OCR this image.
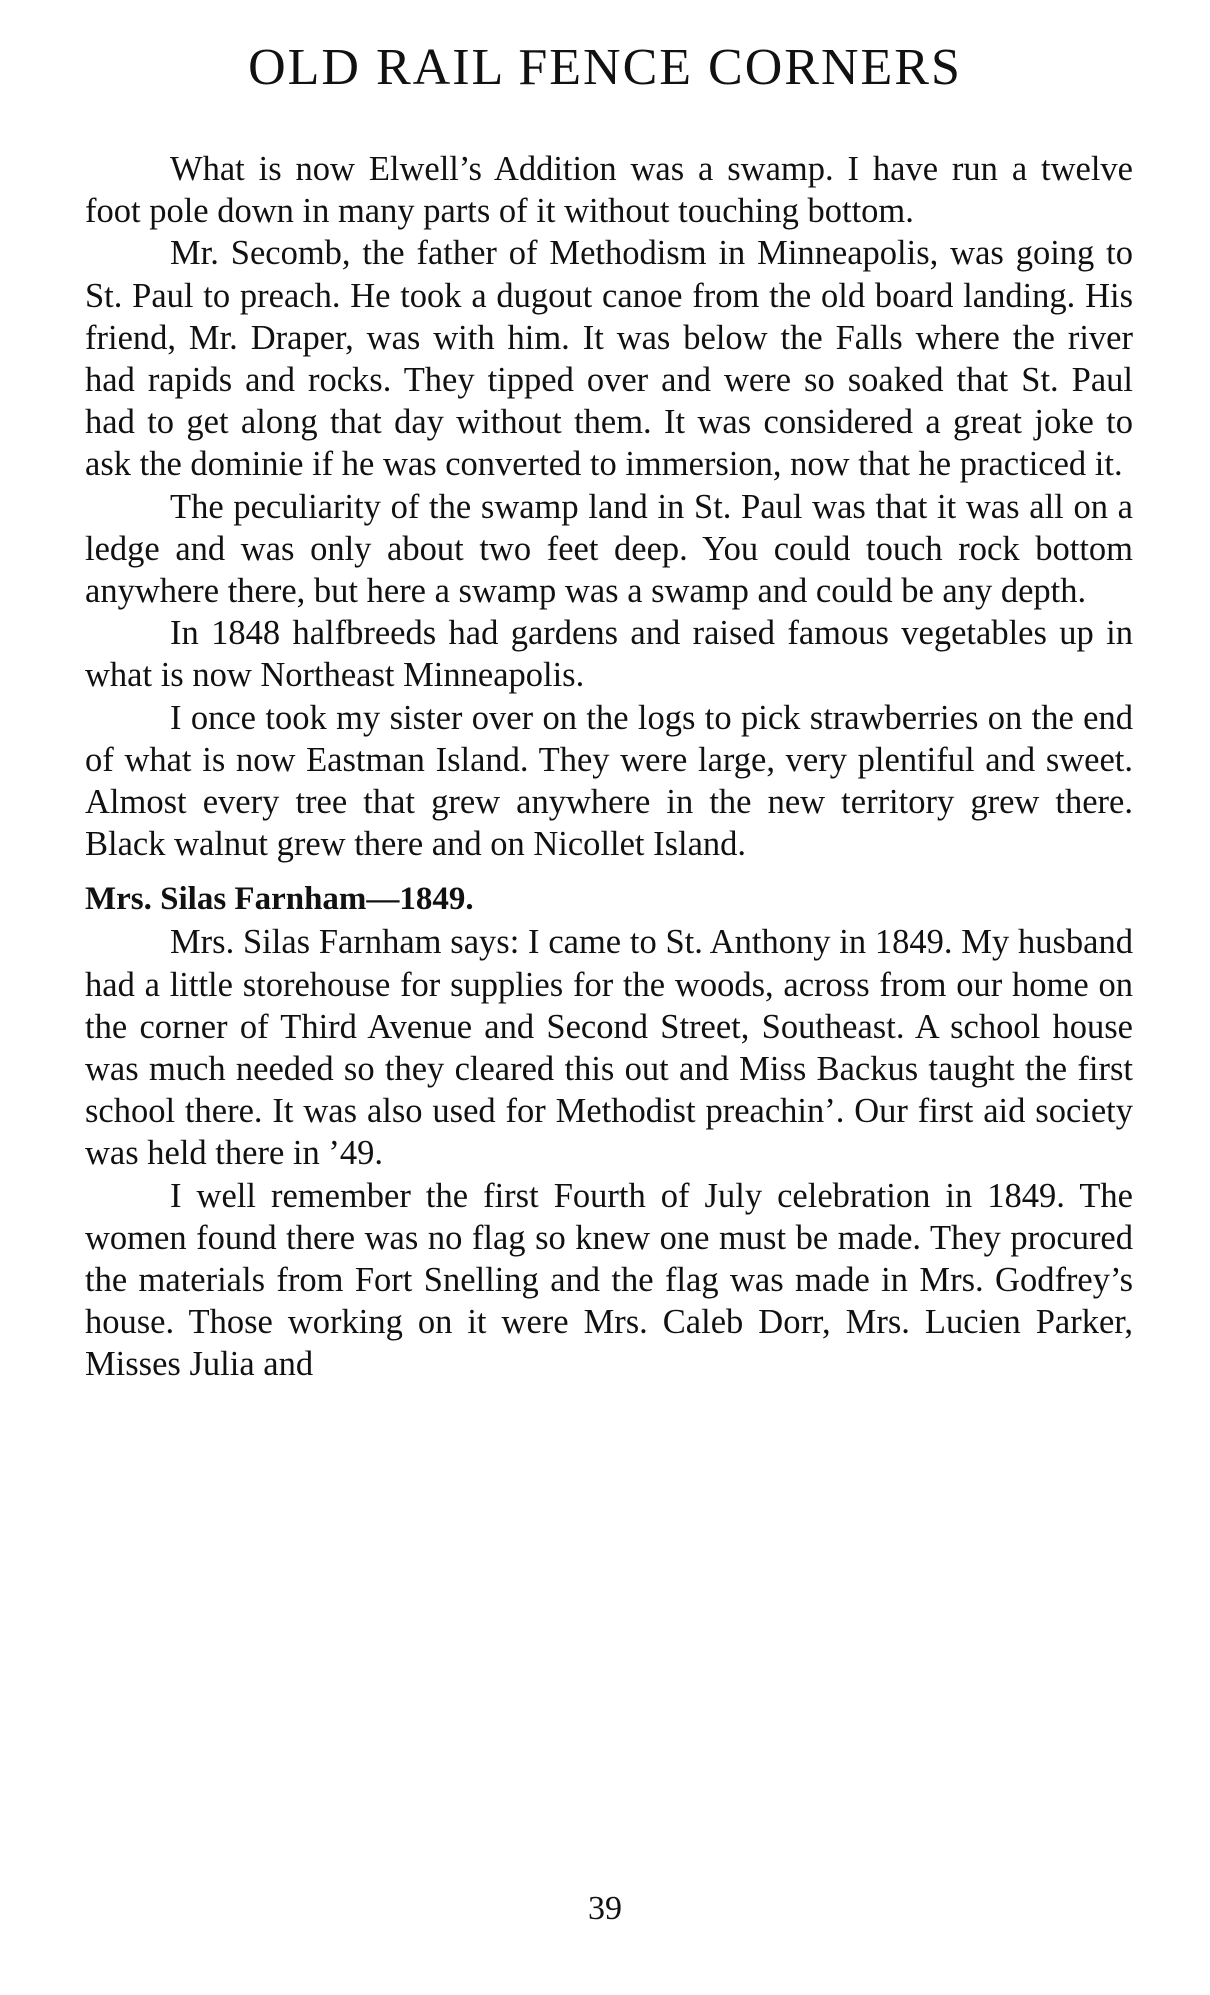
OLD RAIL FENCE CORNERS

What is now Elwell’s Addition was a swamp. I have run a twelve foot pole down in many parts of it without touching bottom.

Mr. Secomb, the father of Methodism in Minneapolis, was going to St. Paul to preach. He took a dugout canoe from the old board landing. His friend, Mr. Draper, was with him. It was below the Falls where the river had rapids and rocks. They tipped over and were so soaked that St. Paul had to get along that day without them. It was considered a great joke to ask the dominie if he was converted to immersion, now that he practiced it.

The peculiarity of the swamp land in St. Paul was that it was all on a ledge and was only about two feet deep. You could touch rock bottom anywhere there, but here a swamp was a swamp and could be any depth.

In 1848 halfbreeds had gardens and raised famous vegetables up in what is now Northeast Minneapolis.

I once took my sister over on the logs to pick strawberries on the end of what is now Eastman Island. They were large, very plentiful and sweet. Almost every tree that grew anywhere in the new territory grew there. Black walnut grew there and on Nicollet Island.

Mrs. Silas Farnham—1849.

Mrs. Silas Farnham says: I came to St. Anthony in 1849. My husband had a little storehouse for supplies for the woods, across from our home on the corner of Third Avenue and Second Street, Southeast. A school house was much needed so they cleared this out and Miss Backus taught the first school there. It was also used for Methodist preachin’. Our first aid society was held there in ’49.

I well remember the first Fourth of July celebration in 1849. The women found there was no flag so knew one must be made. They procured the materials from Fort Snelling and the flag was made in Mrs. Godfrey’s house. Those working on it were Mrs. Caleb Dorr, Mrs. Lucien Parker, Misses Julia and

39
